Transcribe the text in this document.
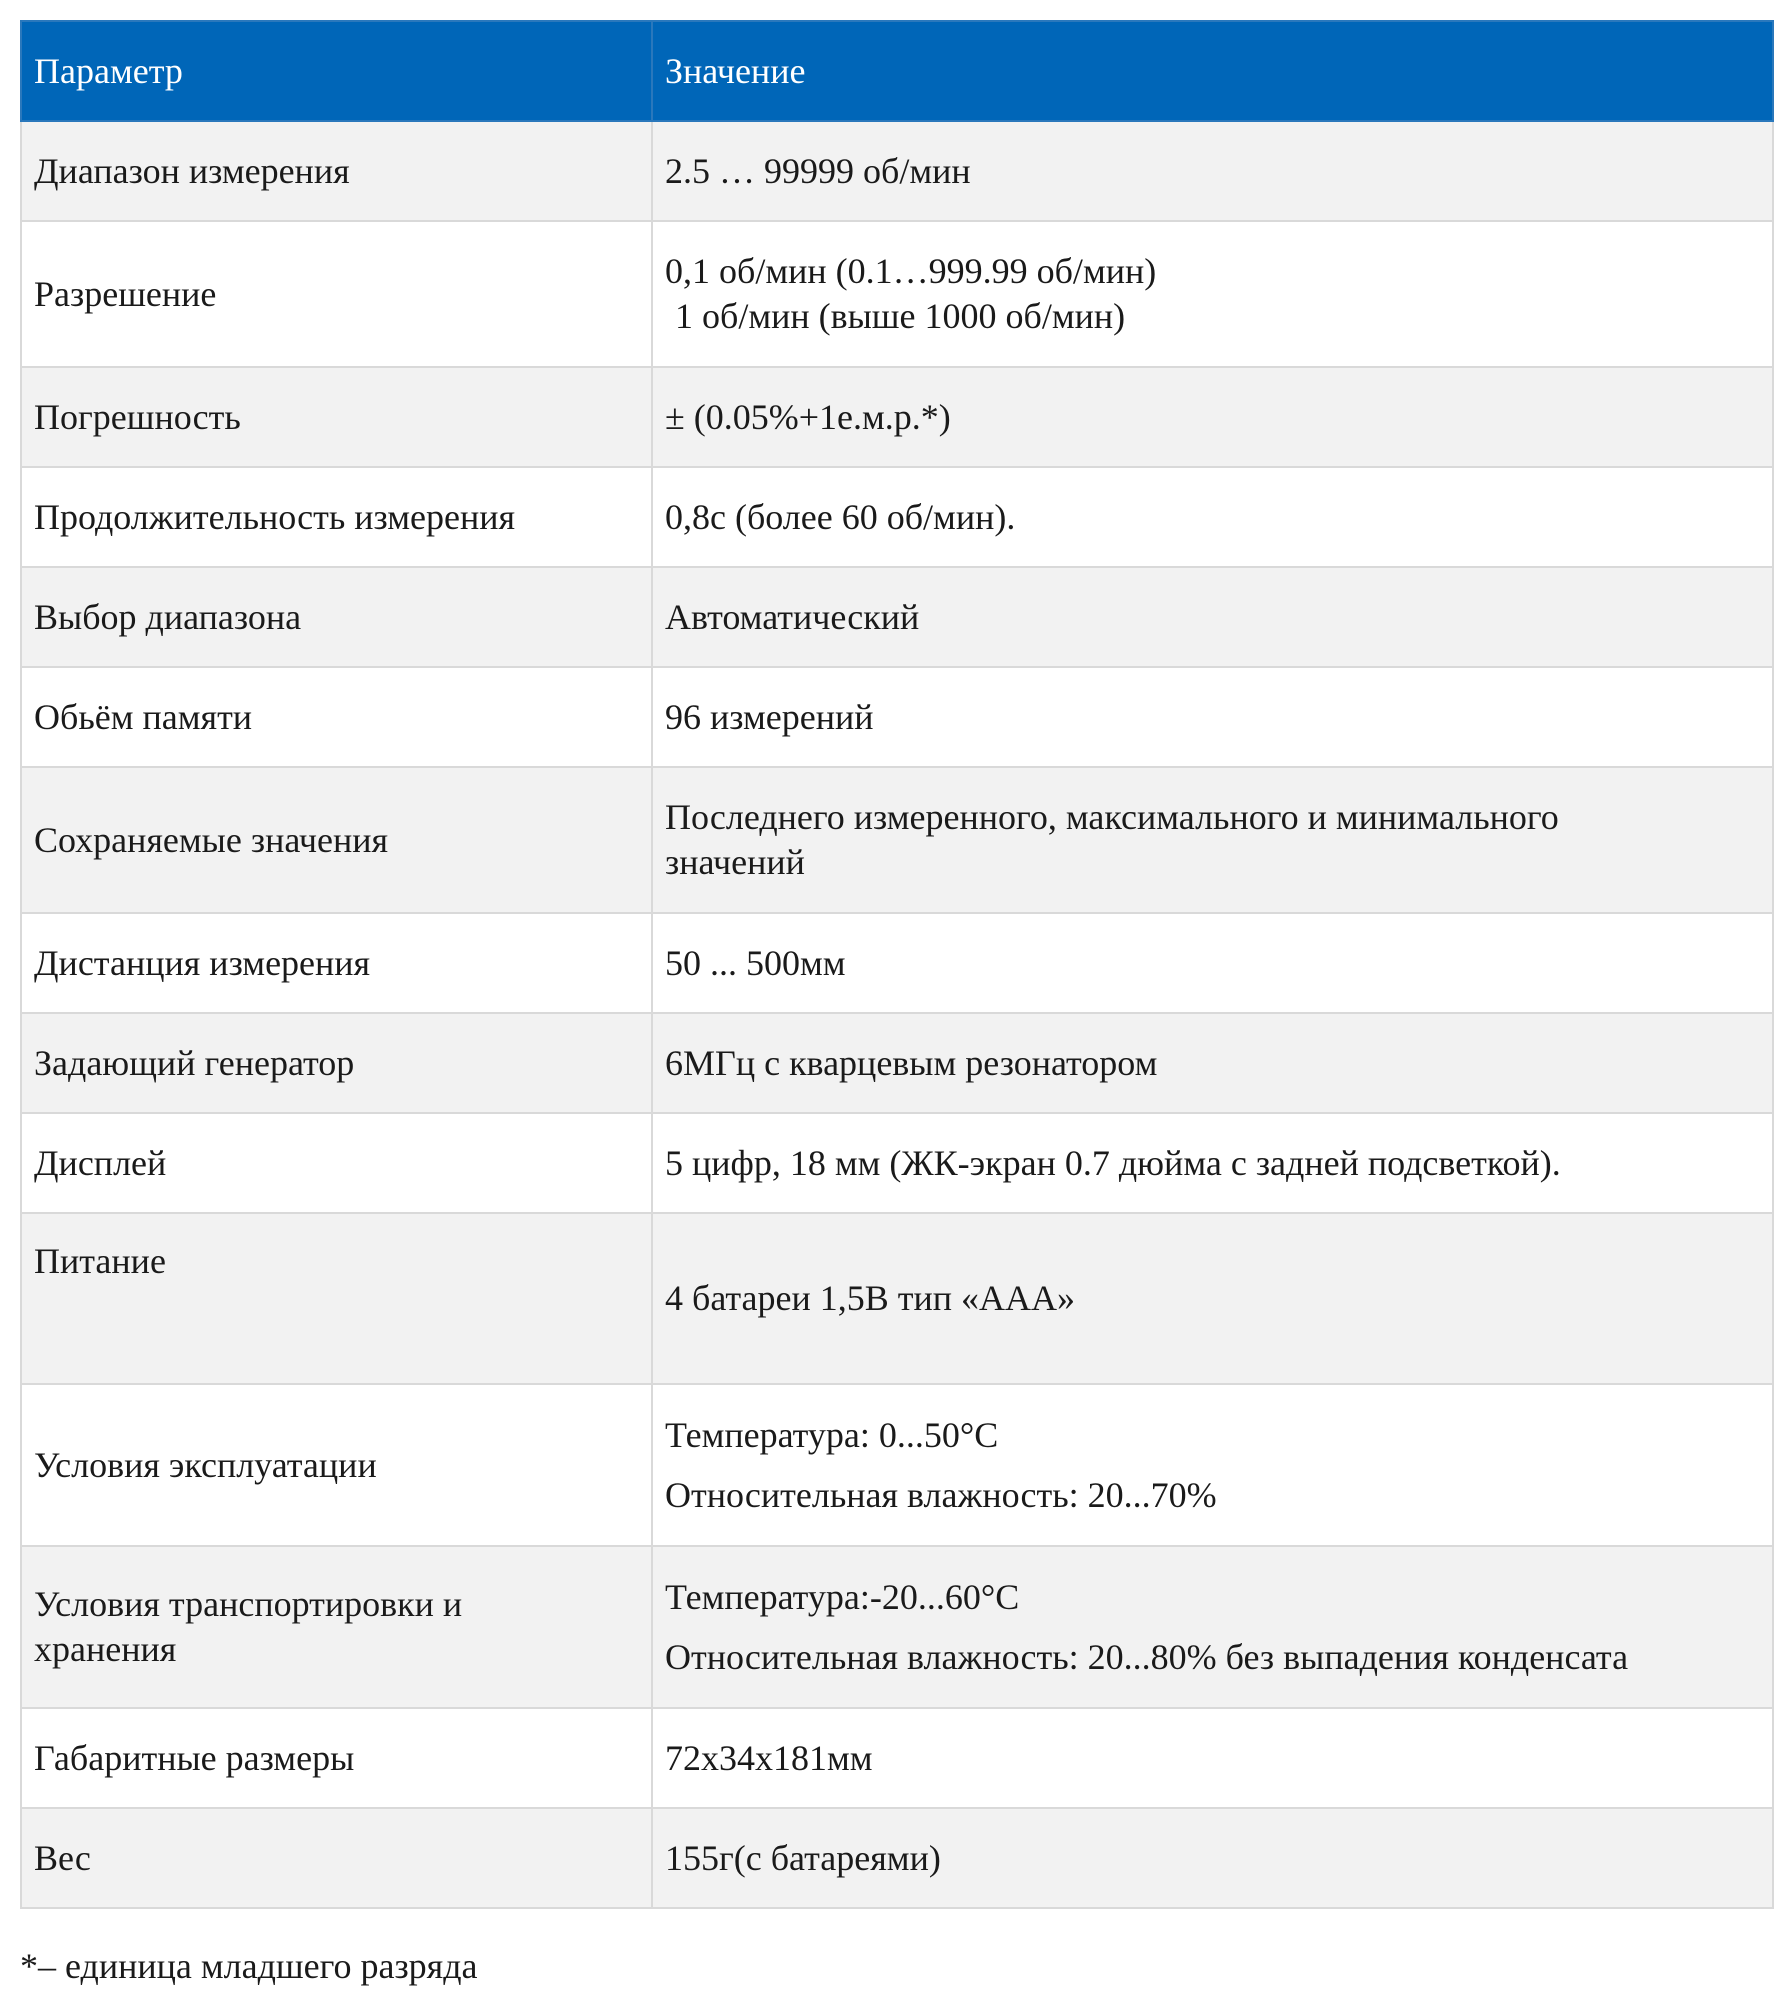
Параметр	Значение
Диапазон измерения	2.5 … 99999 об/мин

Разрешение	0,1 об/мин (0.1…999.99 об/мин)
1 об/мин (выше 1000 об/мин)

Погрешность	± (0.05%+1е.м.р.*)

Продолжительность измерения	0,8с (более 60 об/мин).

Выбор диапазона	Автоматический

Обьём памяти	96 измерений

Сохраняемые значения	Последнего измеренного, максимального и минимального
значений

Дистанция измерения	50 ... 500мм

Задающий генератор	6МГц с кварцевым резонатором

Дисплей	5 цифр, 18 мм (ЖК-экран 0.7 дюйма с задней подсветкой).

Питание	4 батареи 1,5В тип «AAA»

Условия эксплуатации	Температура: 0...50°С
Относительная влажность: 20...70%

Условия транспортировки и
хранения	Температура:-20...60°С
Относительная влажность: 20...80% без выпадения конденсата

Габаритные размеры	72х34х181мм

Вес	155г(с батареями)
*– единица младшего разряда
